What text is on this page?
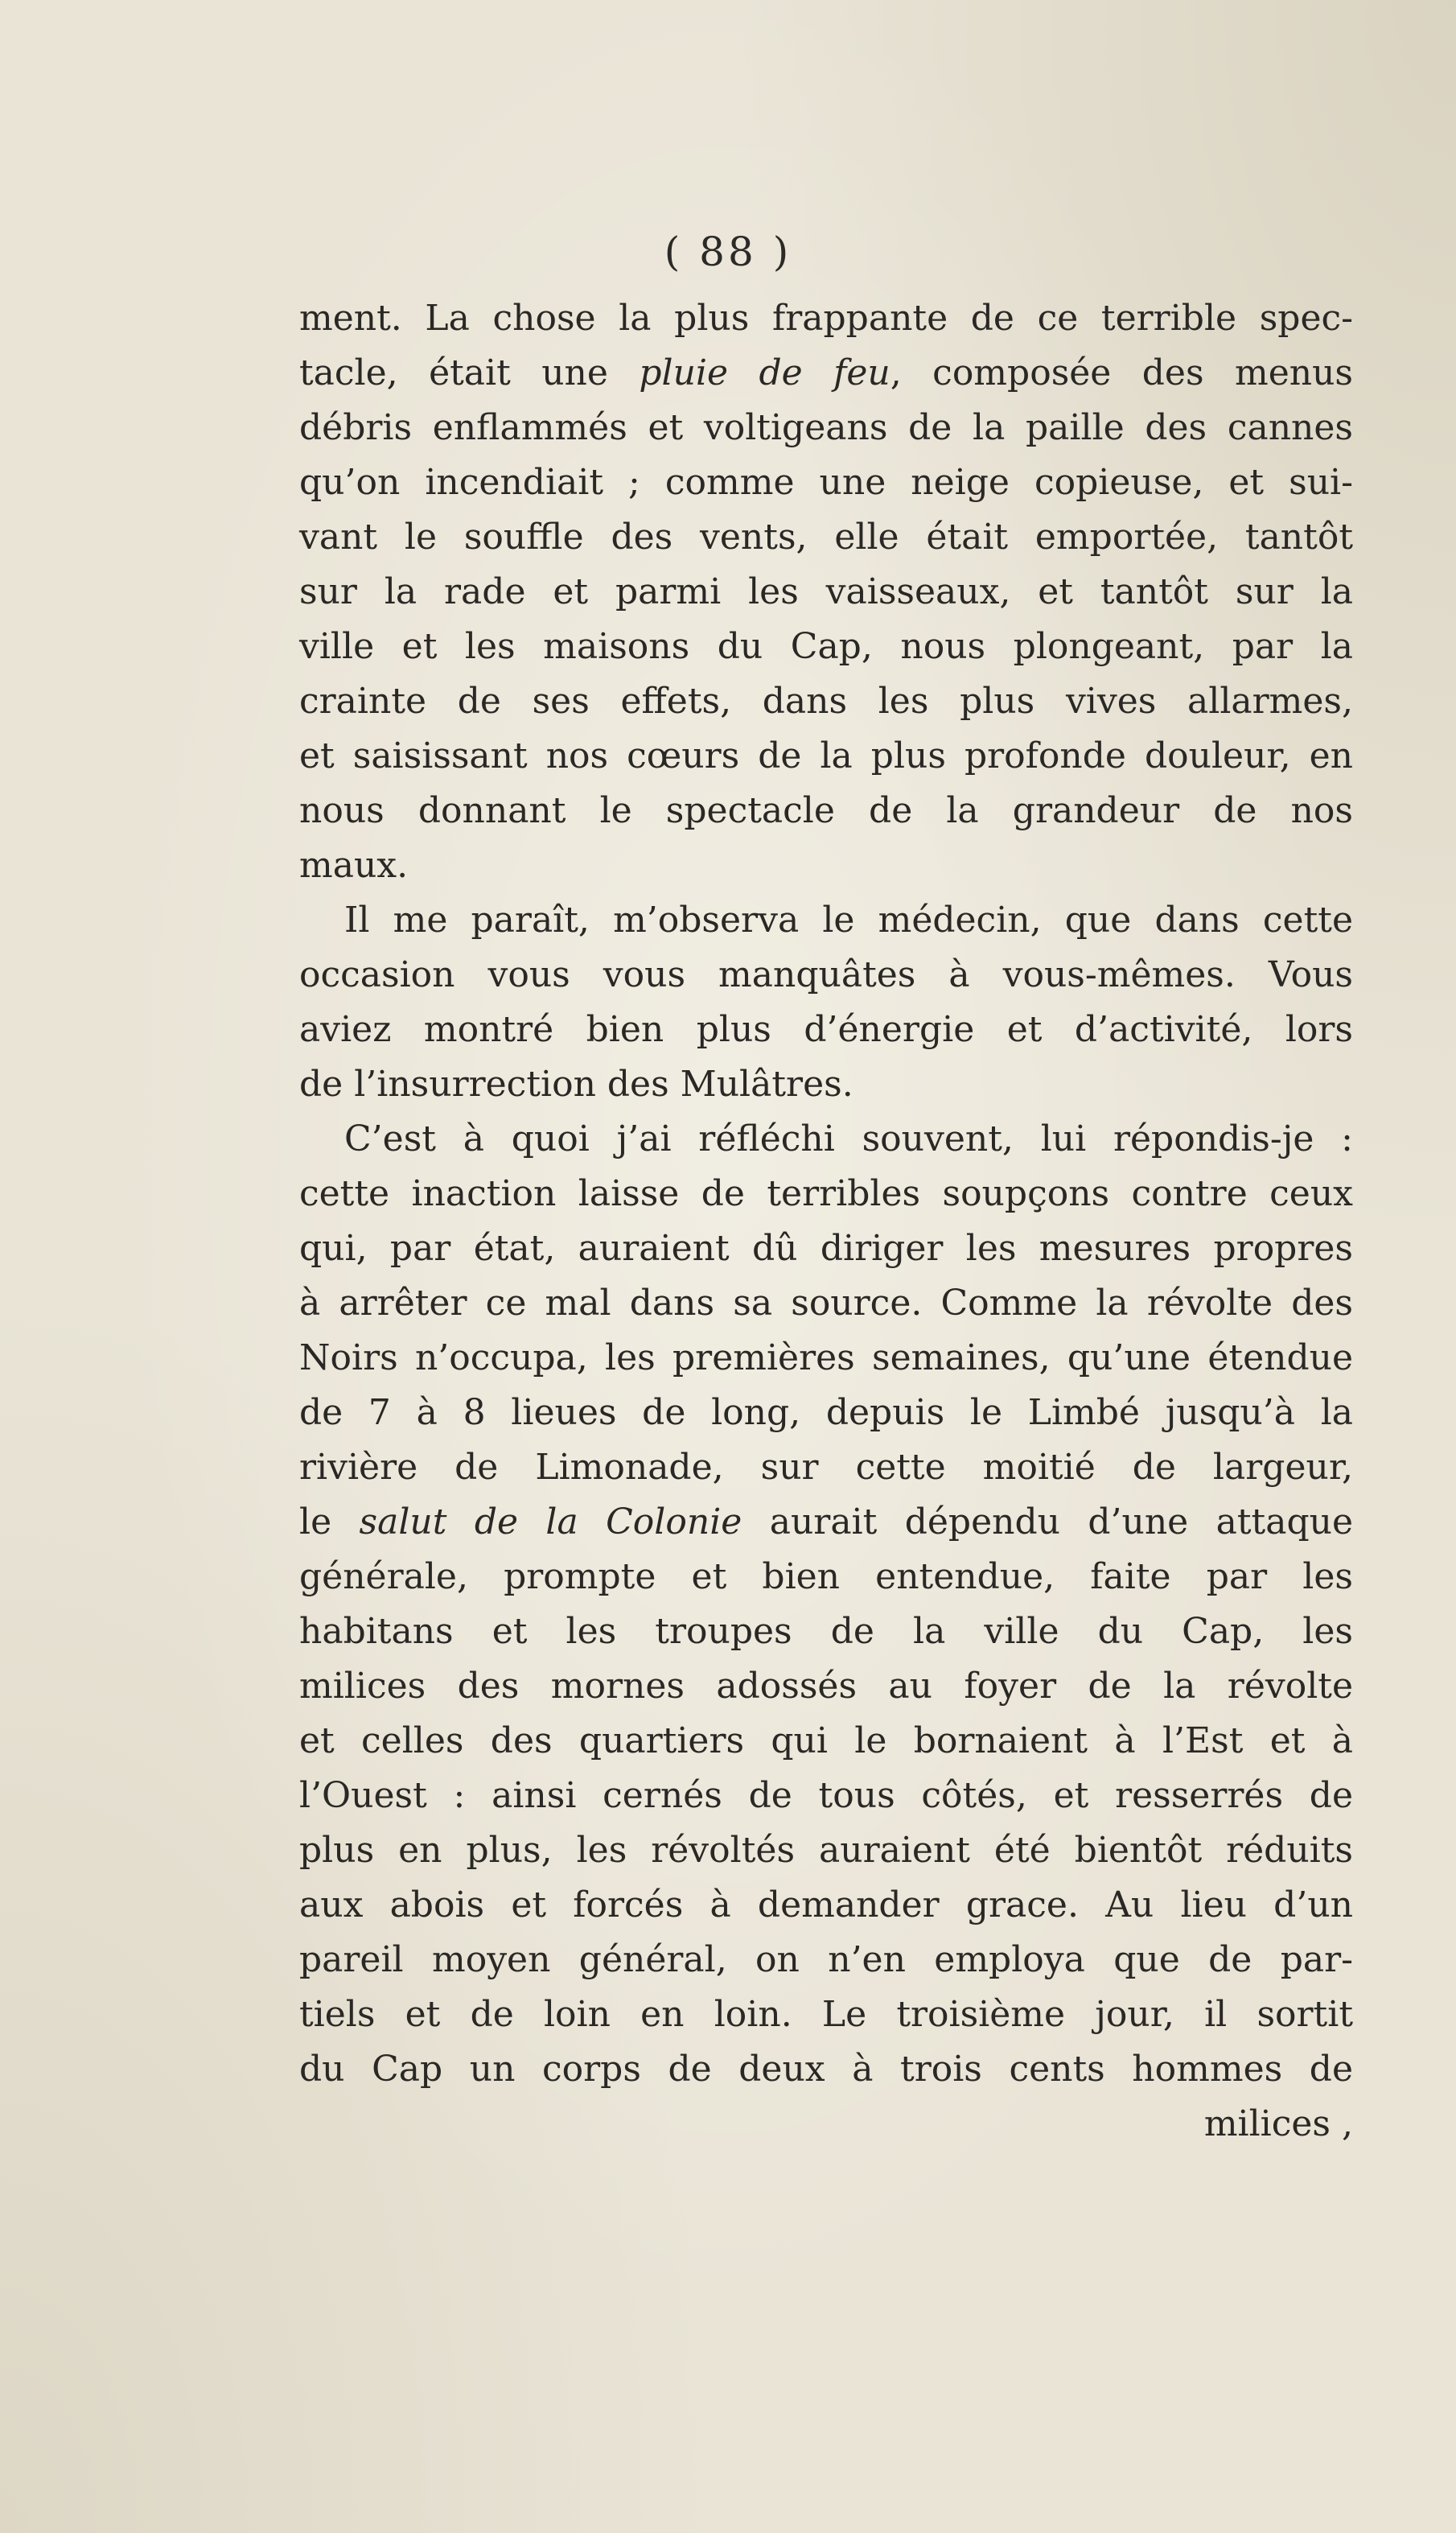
( 88 )
ment. La chose la plus frappante de ce terrible spec-
tacle, était une pluie de feu, composée des menus
débris enflammés et voltigeans de la paille des cannes
qu’on incendiait ; comme une neige copieuse, et sui-
vant le souffle des vents, elle était emportée, tantôt
sur la rade et parmi les vaisseaux, et tantôt sur la
ville et les maisons du Cap, nous plongeant, par la
crainte de ses effets, dans les plus vives allarmes,
et saisissant nos cœurs de la plus profonde douleur, en
nous donnant le spectacle de la grandeur de nos
maux.
Il me paraît, m’observa le médecin, que dans cette
occasion vous vous manquâtes à vous-mêmes. Vous
aviez montré bien plus d’énergie et d’activité, lors
de l’insurrection des Mulâtres.
C’est à quoi j’ai réfléchi souvent, lui répondis-je :
cette inaction laisse de terribles soupçons contre ceux
qui, par état, auraient dû diriger les mesures propres
à arrêter ce mal dans sa source. Comme la révolte des
Noirs n’occupa, les premières semaines, qu’une étendue
de 7 à 8 lieues de long, depuis le Limbé jusqu’à la
rivière de Limonade, sur cette moitié de largeur,
le salut de la Colonie aurait dépendu d’une attaque
générale, prompte et bien entendue, faite par les
habitans et les troupes de la ville du Cap, les
milices des mornes adossés au foyer de la révolte
et celles des quartiers qui le bornaient à l’Est et à
l’Ouest : ainsi cernés de tous côtés, et resserrés de
plus en plus, les révoltés auraient été bientôt réduits
aux abois et forcés à demander grace. Au lieu d’un
pareil moyen général, on n’en employa que de par-
tiels et de loin en loin. Le troisième jour, il sortit
du Cap un corps de deux à trois cents hommes de
milices ,
